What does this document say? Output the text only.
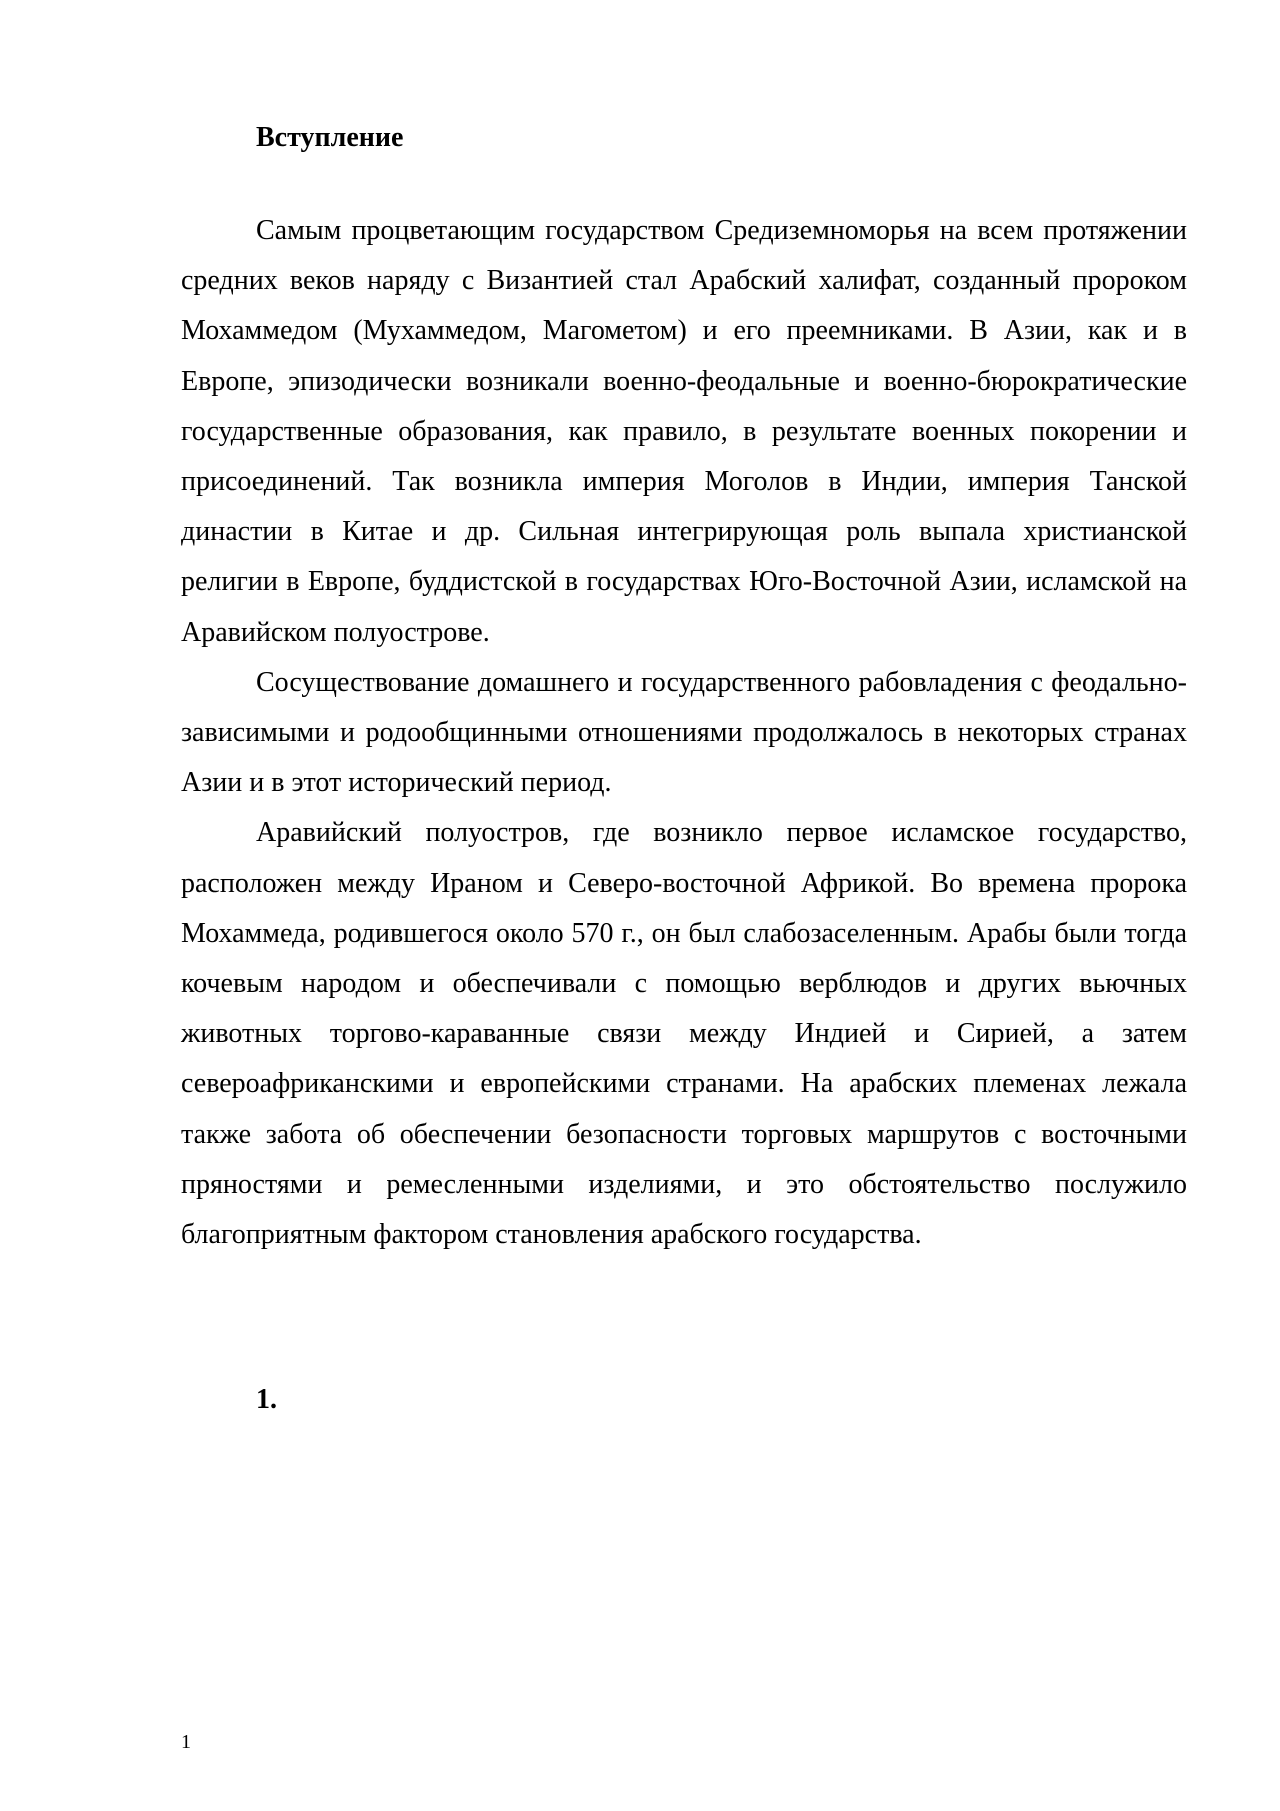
Вступление

Самым процветающим государством Средиземноморья на всем протяжении средних веков наряду с Византией стал Арабский халифат, созданный пророком Мохаммедом (Мухаммедом, Магометом) и его преемниками. В Азии, как и в Европе, эпизодически возникали военно-феодальные и военно-бюрократические государственные образования, как правило, в результате военных покорении и присоединений. Так возникла империя Моголов в Индии, империя Танской династии в Китае и др. Сильная интегрирующая роль выпала христианской религии в Европе, буддистской в государствах Юго-Восточной Азии, исламской на Аравийском полуострове.

Сосуществование домашнего и государственного рабовладения с феодально-зависимыми и родообщинными отношениями продолжалось в некоторых странах Азии и в этот исторический период.

Аравийский полуостров, где возникло первое исламское государство, расположен между Ираном и Северо-восточной Африкой. Во времена пророка Мохаммеда, родившегося около 570 г., он был слабозаселенным. Арабы были тогда кочевым народом и обеспечивали с помощью верблюдов и других вьючных животных торгово-караванные связи между Индией и Сирией, а затем североафриканскими и европейскими странами. На арабских племенах лежала также забота об обеспечении безопасности торговых маршрутов с восточными пряностями и ремесленными изделиями, и это обстоятельство послужило благоприятным фактором становления арабского государства.

1.
1
